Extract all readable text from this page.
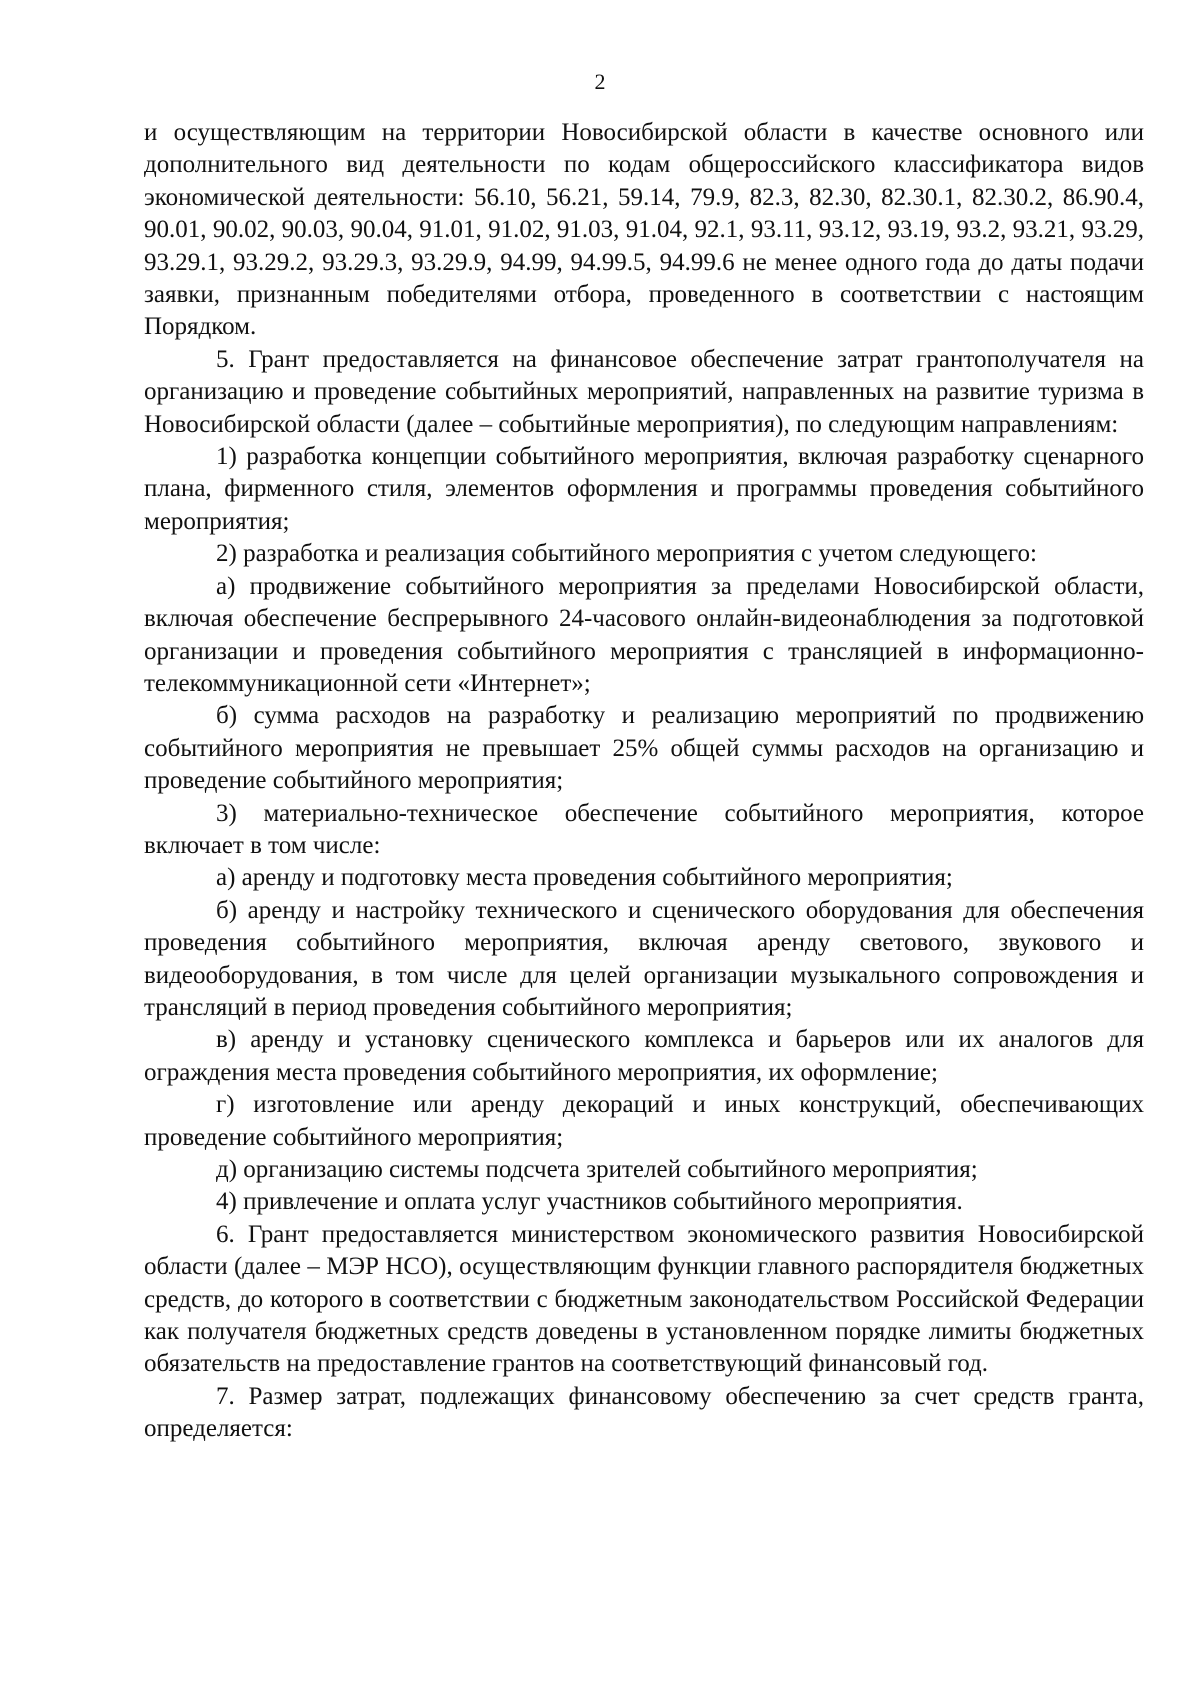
2

и осуществляющим на территории Новосибирской области в качестве основного или дополнительного вид деятельности по кодам общероссийского классификатора видов экономической деятельности: 56.10, 56.21, 59.14, 79.9, 82.3, 82.30, 82.30.1, 82.30.2, 86.90.4, 90.01, 90.02, 90.03, 90.04, 91.01, 91.02, 91.03, 91.04, 92.1, 93.11, 93.12, 93.19, 93.2, 93.21, 93.29, 93.29.1, 93.29.2, 93.29.3, 93.29.9, 94.99, 94.99.5, 94.99.6 не менее одного года до даты подачи заявки, признанным победителями отбора, проведенного в соответствии с настоящим Порядком.

5. Грант предоставляется на финансовое обеспечение затрат грантополучателя на организацию и проведение событийных мероприятий, направленных на развитие туризма в Новосибирской области (далее – событийные мероприятия), по следующим направлениям:

1) разработка концепции событийного мероприятия, включая разработку сценарного плана, фирменного стиля, элементов оформления и программы проведения событийного мероприятия;

2) разработка и реализация событийного мероприятия с учетом следующего:

а) продвижение событийного мероприятия за пределами Новосибирской области, включая обеспечение беспрерывного 24-часового онлайн-видеонаблюдения за подготовкой организации и проведения событийного мероприятия с трансляцией в информационно-телекоммуникационной сети «Интернет»;

б) сумма расходов на разработку и реализацию мероприятий по продвижению событийного мероприятия не превышает 25% общей суммы расходов на организацию и проведение событийного мероприятия;

3) материально-техническое обеспечение событийного мероприятия, которое включает в том числе:

а) аренду и подготовку места проведения событийного мероприятия;

б) аренду и настройку технического и сценического оборудования для обеспечения проведения событийного мероприятия, включая аренду светового, звукового и видеооборудования, в том числе для целей организации музыкального сопровождения и трансляций в период проведения событийного мероприятия;

в) аренду и установку сценического комплекса и барьеров или их аналогов для ограждения места проведения событийного мероприятия, их оформление;

г) изготовление или аренду декораций и иных конструкций, обеспечивающих проведение событийного мероприятия;

д) организацию системы подсчета зрителей событийного мероприятия;

4) привлечение и оплата услуг участников событийного мероприятия.

6. Грант предоставляется министерством экономического развития Новосибирской области (далее – МЭР НСО), осуществляющим функции главного распорядителя бюджетных средств, до которого в соответствии с бюджетным законодательством Российской Федерации как получателя бюджетных средств доведены в установленном порядке лимиты бюджетных обязательств на предоставление грантов на соответствующий финансовый год.

7. Размер затрат, подлежащих финансовому обеспечению за счет средств гранта, определяется:
